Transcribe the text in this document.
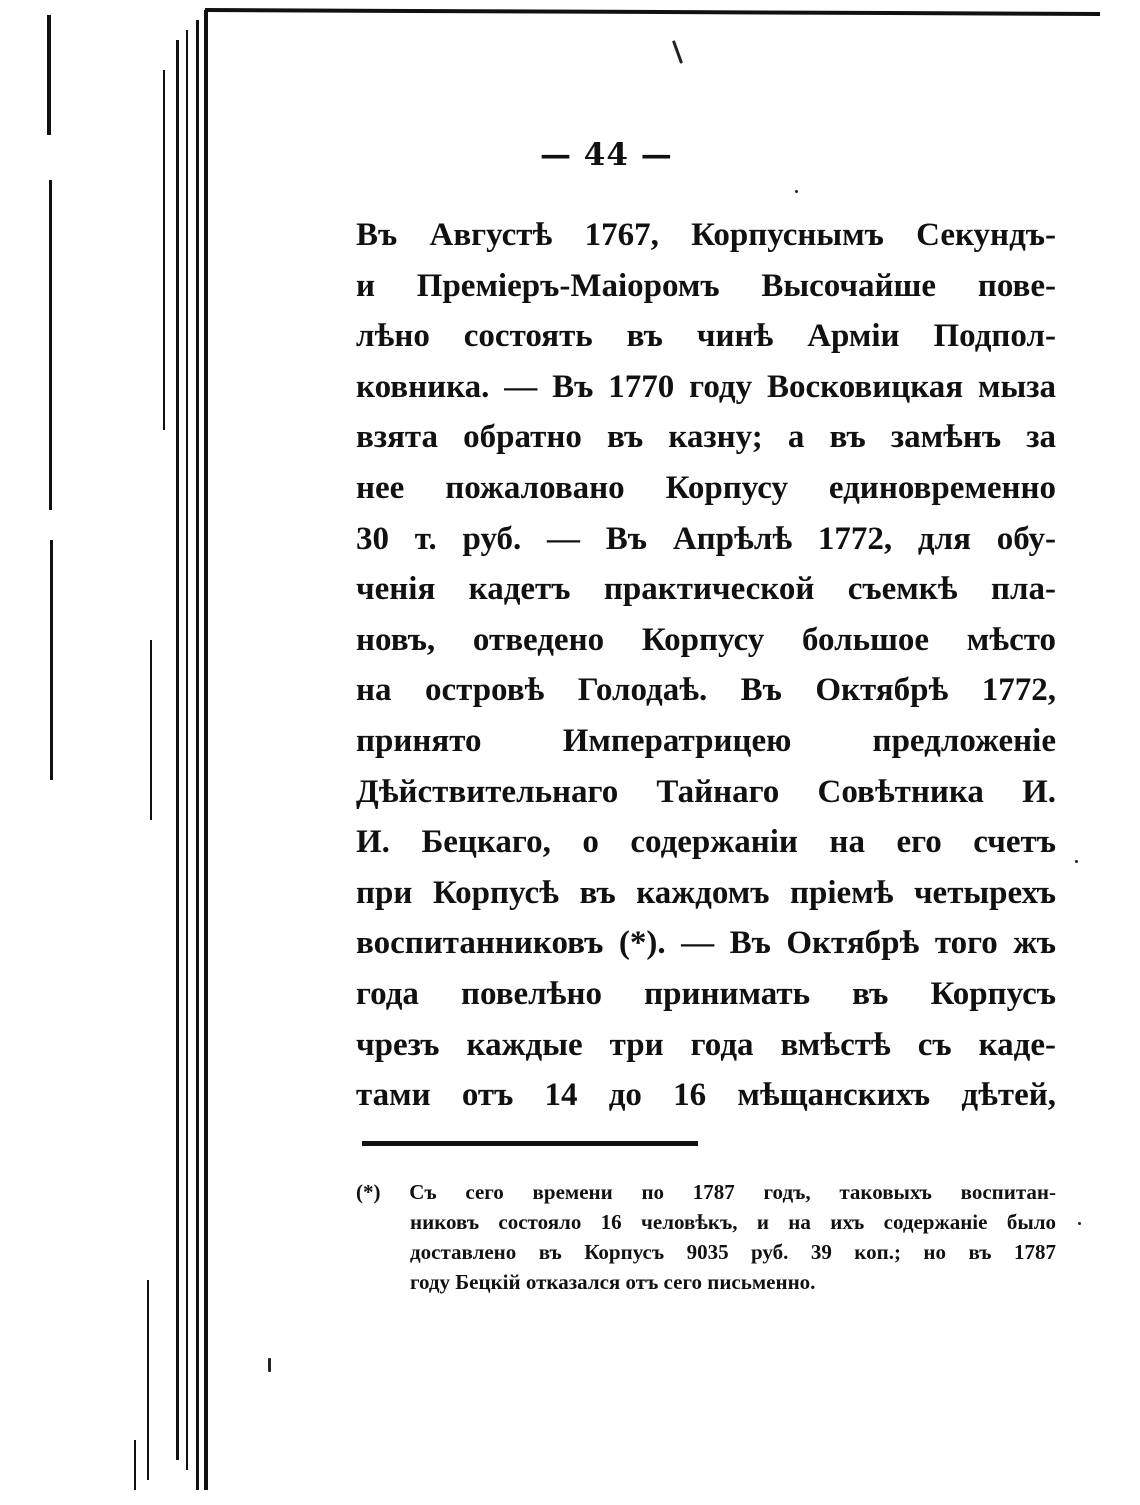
— 44 —
Въ Августѣ 1767, Корпуснымъ Секундъ-
и Премiеръ-Маiоромъ Высочайше пове-
лѣно состоять въ чинѣ Армiи Подпол-
ковника. — Въ 1770 году Восковицкая мыза
взята обратно въ казну; а въ замѣнъ за
нее пожаловано Корпусу единовременно
30 т. руб. — Въ Апрѣлѣ 1772, для обу-
ченiя кадетъ практической съемкѣ пла-
новъ, отведено Корпусу большое мѣсто
на островѣ Голодаѣ. Въ Октябрѣ 1772,
принято Императрицею предложенiе
Дѣйствительнаго Тайнаго Совѣтника И.
И. Бецкаго, о содержанiи на его счетъ
при Корпусѣ въ каждомъ прiемѣ четырехъ
воспитанниковъ (*). — Въ Октябрѣ того жъ
года повелѣно принимать въ Корпусъ
чрезъ каждые три года вмѣстѣ съ каде-
тами отъ 14 до 16 мѣщанскихъ дѣтей,
(*) Съ сего времени по 1787 годъ, таковыхъ воспитан-
никовъ состояло 16 человѣкъ, и на ихъ содержанiе было
доставлено въ Корпусъ 9035 руб. 39 коп.; но въ 1787
году Бецкiй отказался отъ сего письменно.
